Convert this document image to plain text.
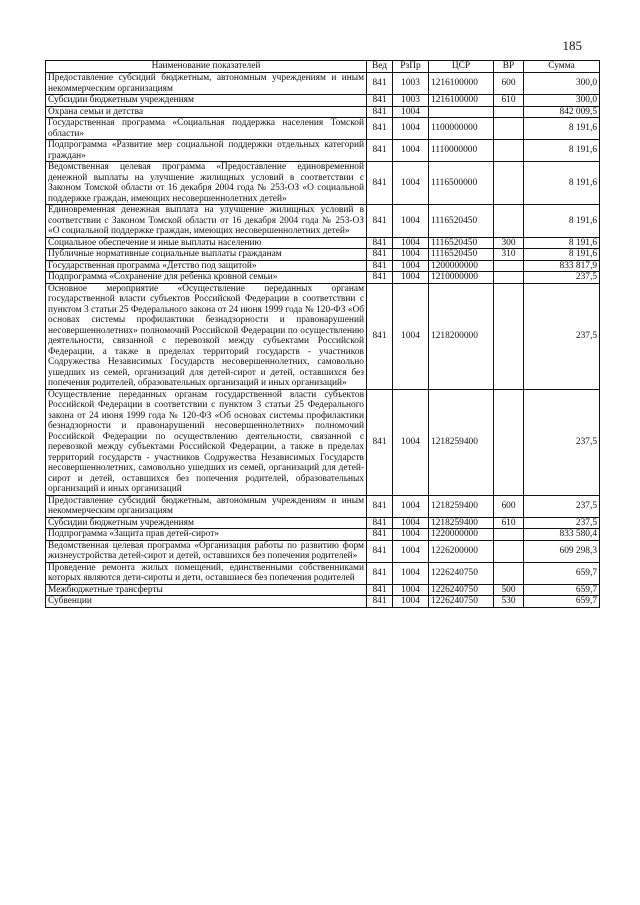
185
Наименование показателей	Вед	РзПр	ЦСР	ВР	Сумма
Предоставление субсидий бюджетным, автономным учреждениям и иным некоммерческим организациям	841	1003	1216100000	600	300,0
Субсидии бюджетным учреждениям	841	1003	1216100000	610	300,0
Охрана семьи и детства	841	1004			842 009,5
Государственная программа «Социальная поддержка населения Томской области»	841	1004	1100000000		8 191,6
Подпрограмма «Развитие мер социальной поддержки отдельных категорий граждан»	841	1004	1110000000		8 191,6
Ведомственная целевая программа «Предоставление единовременной денежной выплаты на улучшение жилищных условий в соответствии с Законом Томской области от 16 декабря 2004 года № 253-ОЗ «О социальной поддержке граждан, имеющих несовершеннолетних детей»	841	1004	1116500000		8 191,6
Единовременная денежная выплата на улучшение жилищных условий в соответствии с Законом Томской области от 16 декабря 2004 года № 253-ОЗ «О социальной поддержке граждан, имеющих несовершеннолетних детей»	841	1004	1116520450		8 191,6
Социальное обеспечение и иные выплаты населению	841	1004	1116520450	300	8 191,6
Публичные нормативные социальные выплаты гражданам	841	1004	1116520450	310	8 191,6
Государственная программа «Детство под защитой»	841	1004	1200000000		833 817,9
Подпрограмма «Сохранение для ребенка кровной семьи»	841	1004	1210000000		237,5
Основное мероприятие «Осуществление переданных органам государственной власти субъектов Российской Федерации в соответствии с пунктом 3 статьи 25 Федерального закона от 24 июня 1999 года № 120-ФЗ «Об основах системы профилактики безнадзорности и правонарушений несовершеннолетних» полномочий Российской Федерации по осуществлению деятельности, связанной с перевозкой между субъектами Российской Федерации, а также в пределах территорий государств - участников Содружества Независимых Государств несовершеннолетних, самовольно ушедших из семей, организаций для детей-сирот и детей, оставшихся без попечения родителей, образовательных организаций и иных организаций»	841	1004	1218200000		237,5
Осуществление переданных органам государственной власти субъектов Российской Федерации в соответствии с пунктом 3 статьи 25 Федерального закона от 24 июня 1999 года № 120-ФЗ «Об основах системы профилактики безнадзорности и правонарушений несовершеннолетних» полномочий Российской Федерации по осуществлению деятельности, связанной с перевозкой между субъектами Российской Федерации, а также в пределах территорий государств - участников Содружества Независимых Государств несовершеннолетних, самовольно ушедших из семей, организаций для детей-сирот и детей, оставшихся без попечения родителей, образовательных организаций и иных организаций	841	1004	1218259400		237,5
Предоставление субсидий бюджетным, автономным учреждениям и иным некоммерческим организациям	841	1004	1218259400	600	237,5
Субсидии бюджетным учреждениям	841	1004	1218259400	610	237,5
Подпрограмма «Защита прав детей-сирот»	841	1004	1220000000		833 580,4
Ведомственная целевая программа «Организация работы по развитию форм жизнеустройства детей-сирот и детей, оставшихся без попечения родителей»	841	1004	1226200000		609 298,3
Проведение ремонта жилых помещений, единственными собственниками которых являются дети-сироты и дети, оставшиеся без попечения родителей	841	1004	1226240750		659,7
Межбюджетные трансферты	841	1004	1226240750	500	659,7
Субвенции	841	1004	1226240750	530	659,7
